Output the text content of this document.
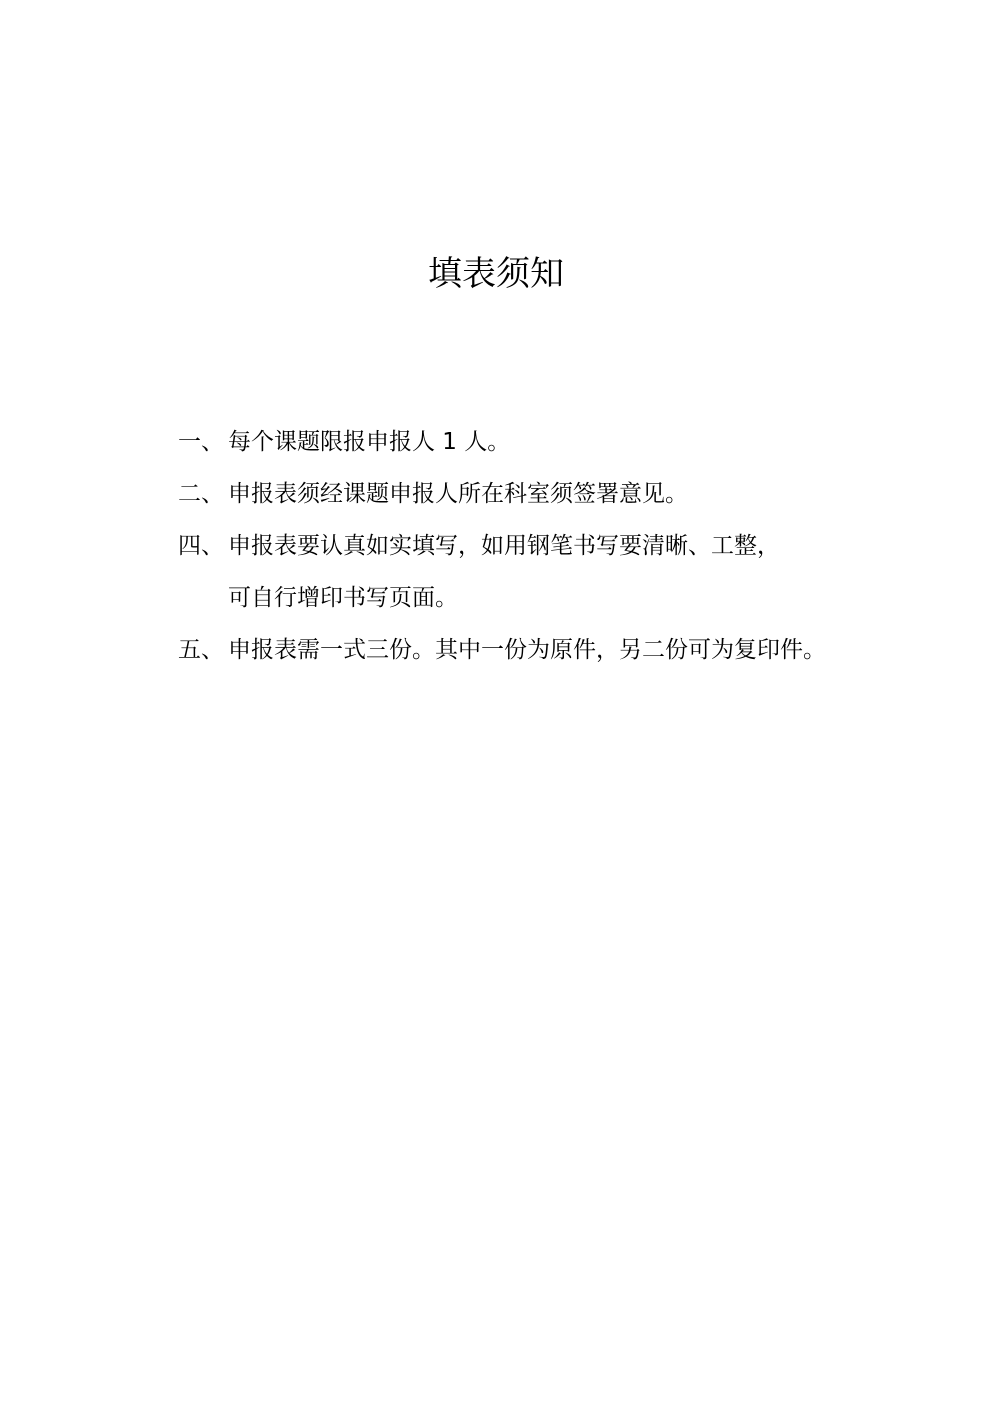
填表须知
一、 每个课题限报申报人 1 人。
二、 申报表须经课题申报人所在科室须签署意见。
四、 申报表要认真如实填写，如用钢笔书写要清晰、工整，
可自行增印书写页面。
五、 申报表需一式三份。其中一份为原件，另二份可为复印件。
